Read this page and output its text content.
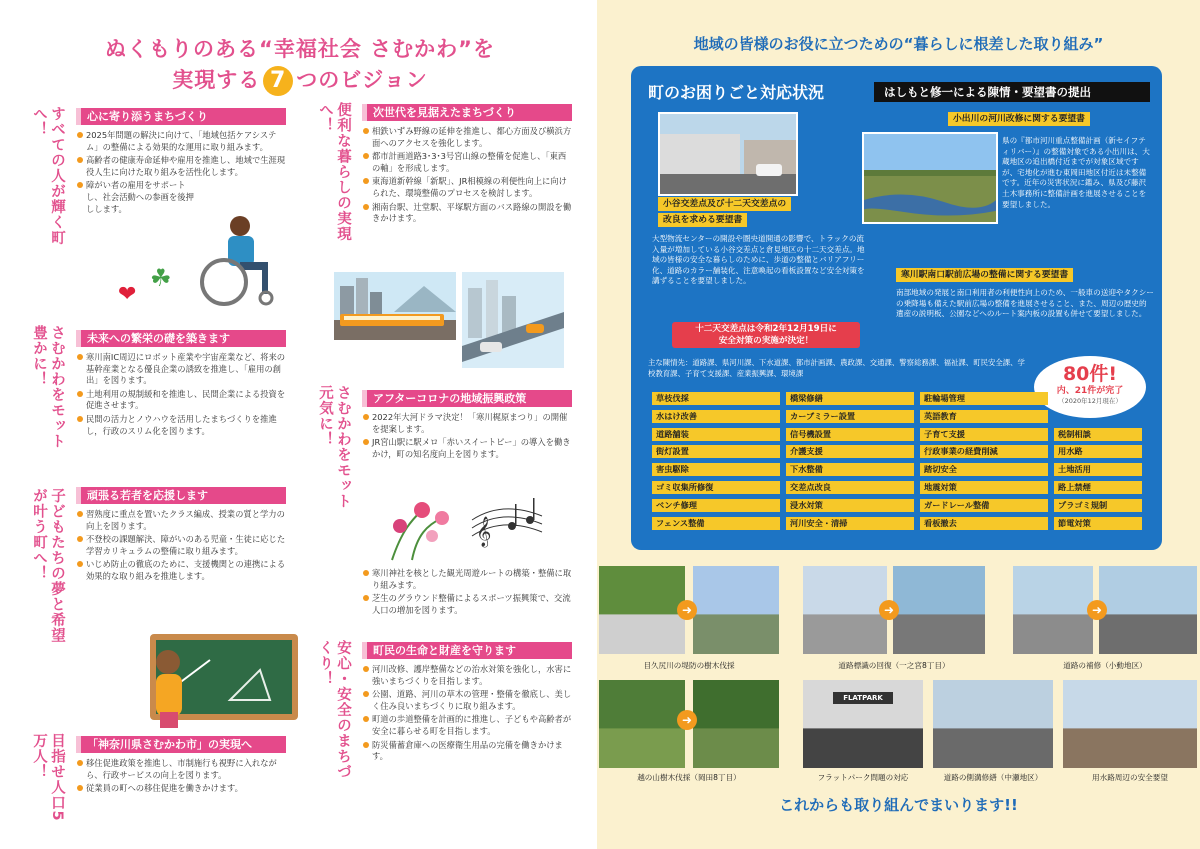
ぬくもりのある“幸福社会 さむかわ”を
実現する 7 つのビジョン
すべての人が輝く町へ！	便利な暮らしの実現へ！
さむかわをモット豊かに！
さむかわをモット元気に！
子どもたちの夢と希望が叶う町へ！
安心・安全のまちづくり！
目指せ人口5万人！
心に寄り添うまちづくり
2025年問題の解決に向けて、「地域包括ケアシステム」の整備による効果的な運用に取り組みます。
高齢者の健康寿命延伸や雇用を推進し、地域で生涯現役人生に向けた取り組みを活性化します。
障がい者の雇用をサポートし、社会活動への参画を後押しします。
❤
☘
次世代を見据えたまちづくり
相鉄いずみ野線の延伸を推進し、都心方面及び横浜方面へのアクセスを強化します。
都市計画道路3･3･3号宮山線の整備を促進し、「東西の軸」を形成します。
東海道新幹線「新駅」、JR相模線の利便性向上に向けられた、環境整備のプロセスを検討します。
湘南台駅、辻堂駅、平塚駅方面のバス路線の開設を働きかけます。
未来への繁栄の礎を築きます
寒川南IC周辺にロボット産業や宇宙産業など、将来の基幹産業となる優良企業の誘致を推進し、「雇用の創出」を図ります。
土地利用の規制緩和を推進し、民間企業による投資を促進させます。
民間の活力とノウハウを活用したまちづくりを推進し，行政のスリム化を図ります。
アフターコロナの地域振興政策
2022年大河ドラマ決定！「寒川梶原まつり」の開催を提案します。
JR宮山駅に駅メロ「赤いスイートピー」の導入を働きかけ，町の知名度向上を図ります。
𝄞
寒川神社を核とした観光周遊ルートの構築・整備に取り組みます。
芝生のグラウンド整備によるスポーツ振興策で、交流人口の増加を図ります。
頑張る若者を応援します
習熟度に重点を置いたクラス編成、授業の質と学力の向上を図ります。
不登校の課題解決、障がいのある児童・生徒に応じた学習カリキュラムの整備に取り組みます。
いじめ防止の徹底のために、支援機関との連携による効果的な取り組みを推進します。
町民の生命と財産を守ります
河川改修、護岸整備などの治水対策を強化し，水害に強いまちづくりを目指します。
公園、道路、河川の草木の管理・整備を徹底し、美しく住み良いまちづくりに取り組みます。
町道の歩道整備を計画的に推進し、子どもや高齢者が安全に暮らせる町を目指します。
防災備蓄倉庫への医療衛生用品の完備を働きかけます。
「神奈川県さむかわ市」の実現へ
移住促進政策を推進し、市制施行も視野に入れながら、行政サービスの向上を図ります。
従業員の町への移住促進を働きかけます。
地域の皆様のお役に立つための“暮らしに根差した取り組み”
町のお困りごと対応状況	はしもと修一による陳情・要望書の提出
小出川の河川改修に関する要望書
県の『都市河川重点整備計画（新セイフティリバー）』の整備対象である小出川は、大蔵地区の追出橋付近までが対象区域ですが、宅地化が進む東岡田地区付近は未整備です。近年の災害状況に鑑み、県及び藤沢土木事務所に整備計画を進展させることを要望しました。
小谷交差点及び十二天交差点の
改良を求める要望書
大型物流センターの開設や圏央道開通の影響で、トラックの流入量が増加している小谷交差点と倉見地区の十二天交差点。地域の皆様の安全な暮らしのために、歩道の整備とバリアフリー化、道路のカラー舗装化、注意喚起の看板設置など安全対策を講ずることを要望しました。
寒川駅南口駅前広場の整備に関する要望書
南部地域の発展と南口利用者の利便性向上のため、一般車の送迎やタクシーの乗降場も備えた駅前広場の整備を進展させること、また、周辺の歴史的遺産の説明板、公園などへのルート案内板の設置も併せて要望しました。
十二天交差点は令和2年12月19日に
安全対策の実施が決定！
主な陳情先：道路課、県河川課、下水道課、都市計画課、農政課、交通課、警察総務課、福祉課、町民安全課、学校教育課、子育て支援課、産業振興課、環境課	80件!
内、21件が完了
（2020年12月現在）
草枝伐採	橋梁修繕	駐輪場管理
水はけ改善	カーブミラー設置	英語教育
道路舗装	信号機設置	子育て支援	税制相談
街灯設置	介護支援	行政事業の経費削減	用水路
害虫駆除	下水整備	踏切安全	土地活用
ゴミ収集所修復	交差点改良	地震対策	路上禁煙
ベンチ修理	浸水対策	ガードレール整備	プラゴミ規制
フェンス整備	河川安全・清掃	看板撤去	節電対策
➜
目久尻川の堤防の樹木伐採
➜
道路標識の回復（一之宮8丁目）
➜
道路の補修（小動地区）
➜
越の山樹木伐採（岡田8丁目）	フラットパーク問題の対応	道路の側溝修繕（中瀬地区）	用水路周辺の安全要望
FLATPARK
これからも取り組んでまいります!!
